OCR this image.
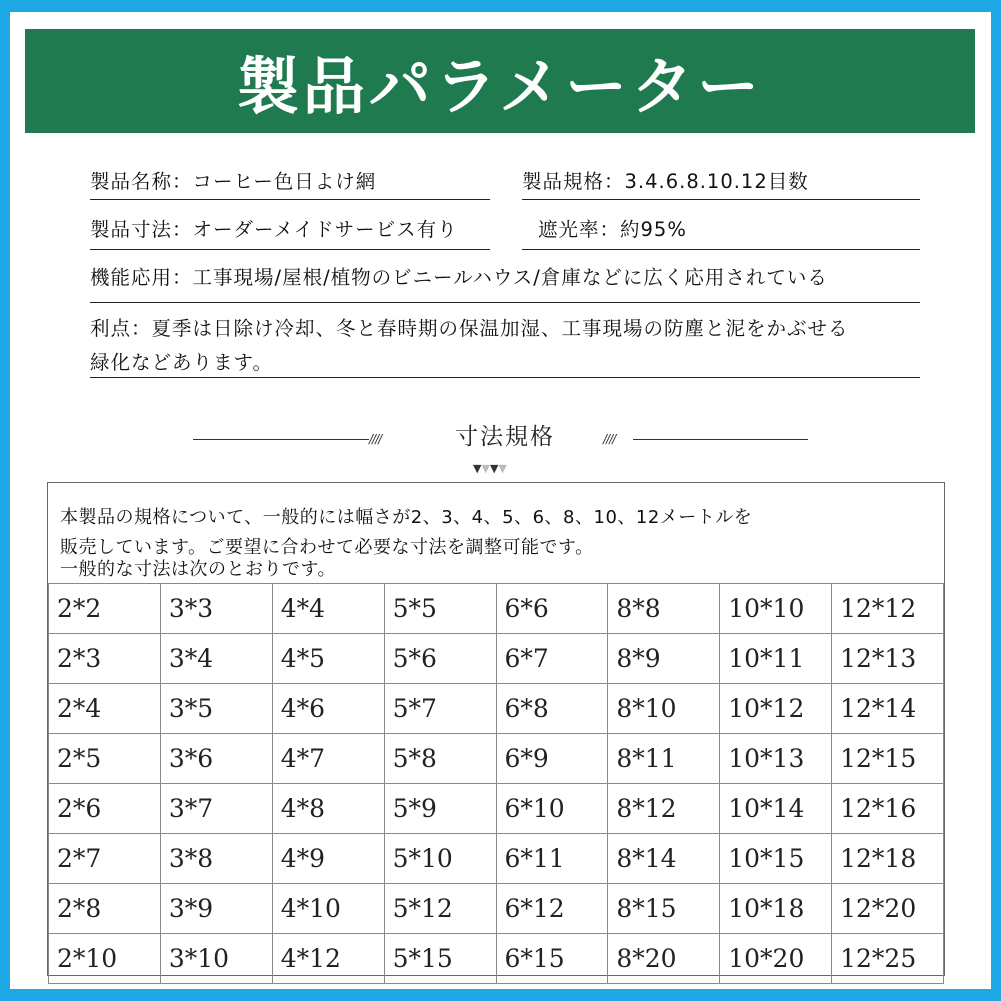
製品パラメーター
製品名称：コーヒー色日よけ網	製品規格：3.4.6.8.10.12目数
製品寸法：オーダーメイドサービス有り	遮光率：約95%
機能応用：工事現場/屋根/植物のビニールハウス/倉庫などに広く応用されている
利点：夏季は日除け冷却、冬と春時期の保温加湿、工事現場の防塵と泥をかぶせる
緑化などあります。
////	寸法規格	////
▼▼▼▼
本製品の規格について、一般的には幅さが2、3、4、5、6、8、10、12メートルを
販売しています。ご要望に合わせて必要な寸法を調整可能です。
一般的な寸法は次のとおりです。
2*2	3*3	4*4	5*5	6*6	8*8	10*10	12*12
2*3	3*4	4*5	5*6	6*7	8*9	10*11	12*13
2*4	3*5	4*6	5*7	6*8	8*10	10*12	12*14
2*5	3*6	4*7	5*8	6*9	8*11	10*13	12*15
2*6	3*7	4*8	5*9	6*10	8*12	10*14	12*16
2*7	3*8	4*9	5*10	6*11	8*14	10*15	12*18
2*8	3*9	4*10	5*12	6*12	8*15	10*18	12*20
2*10	3*10	4*12	5*15	6*15	8*20	10*20	12*25
